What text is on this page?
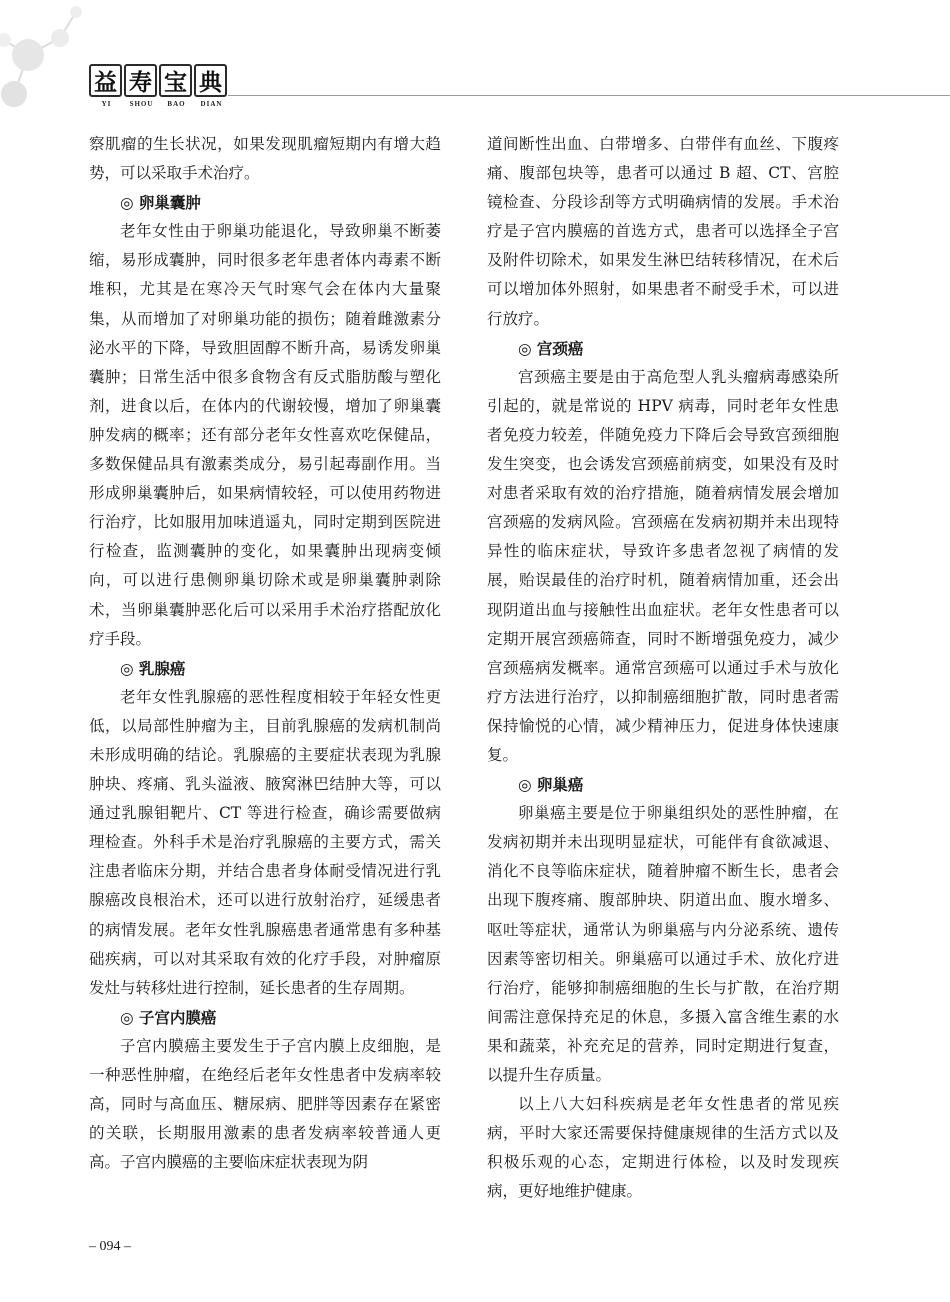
益 寿 宝 典
YI	SHOU	BAO	DIAN

察肌瘤的生长状况，如果发现肌瘤短期内有增大趋势，可以采取手术治疗。

◎ 卵巢囊肿

老年女性由于卵巢功能退化，导致卵巢不断萎缩，易形成囊肿，同时很多老年患者体内毒素不断堆积，尤其是在寒冷天气时寒气会在体内大量聚集，从而增加了对卵巢功能的损伤；随着雌激素分泌水平的下降，导致胆固醇不断升高，易诱发卵巢囊肿；日常生活中很多食物含有反式脂肪酸与塑化剂，进食以后，在体内的代谢较慢，增加了卵巢囊肿发病的概率；还有部分老年女性喜欢吃保健品，多数保健品具有激素类成分，易引起毒副作用。当形成卵巢囊肿后，如果病情较轻，可以使用药物进行治疗，比如服用加味逍遥丸，同时定期到医院进行检查，监测囊肿的变化，如果囊肿出现病变倾向，可以进行患侧卵巢切除术或是卵巢囊肿剥除术，当卵巢囊肿恶化后可以采用手术治疗搭配放化疗手段。

◎ 乳腺癌

老年女性乳腺癌的恶性程度相较于年轻女性更低，以局部性肿瘤为主，目前乳腺癌的发病机制尚未形成明确的结论。乳腺癌的主要症状表现为乳腺肿块、疼痛、乳头溢液、腋窝淋巴结肿大等，可以通过乳腺钼靶片、CT 等进行检查，确诊需要做病理检查。外科手术是治疗乳腺癌的主要方式，需关注患者临床分期，并结合患者身体耐受情况进行乳腺癌改良根治术，还可以进行放射治疗，延缓患者的病情发展。老年女性乳腺癌患者通常患有多种基础疾病，可以对其采取有效的化疗手段，对肿瘤原发灶与转移灶进行控制，延长患者的生存周期。

◎ 子宫内膜癌

子宫内膜癌主要发生于子宫内膜上皮细胞，是一种恶性肿瘤，在绝经后老年女性患者中发病率较高，同时与高血压、糖尿病、肥胖等因素存在紧密的关联，长期服用激素的患者发病率较普通人更高。子宫内膜癌的主要临床症状表现为阴

道间断性出血、白带增多、白带伴有血丝、下腹疼痛、腹部包块等，患者可以通过 B 超、CT、宫腔镜检查、分段诊刮等方式明确病情的发展。手术治疗是子宫内膜癌的首选方式，患者可以选择全子宫及附件切除术，如果发生淋巴结转移情况，在术后可以增加体外照射，如果患者不耐受手术，可以进行放疗。

◎ 宫颈癌

宫颈癌主要是由于高危型人乳头瘤病毒感染所引起的，就是常说的 HPV 病毒，同时老年女性患者免疫力较差，伴随免疫力下降后会导致宫颈细胞发生突变，也会诱发宫颈癌前病变，如果没有及时对患者采取有效的治疗措施，随着病情发展会增加宫颈癌的发病风险。宫颈癌在发病初期并未出现特异性的临床症状，导致许多患者忽视了病情的发展，贻误最佳的治疗时机，随着病情加重，还会出现阴道出血与接触性出血症状。老年女性患者可以定期开展宫颈癌筛查，同时不断增强免疫力，减少宫颈癌病发概率。通常宫颈癌可以通过手术与放化疗方法进行治疗，以抑制癌细胞扩散，同时患者需保持愉悦的心情，减少精神压力，促进身体快速康复。

◎ 卵巢癌

卵巢癌主要是位于卵巢组织处的恶性肿瘤，在发病初期并未出现明显症状，可能伴有食欲减退、消化不良等临床症状，随着肿瘤不断生长，患者会出现下腹疼痛、腹部肿块、阴道出血、腹水增多、呕吐等症状，通常认为卵巢癌与内分泌系统、遗传因素等密切相关。卵巢癌可以通过手术、放化疗进行治疗，能够抑制癌细胞的生长与扩散，在治疗期间需注意保持充足的休息，多摄入富含维生素的水果和蔬菜，补充充足的营养，同时定期进行复查，以提升生存质量。

以上八大妇科疾病是老年女性患者的常见疾病，平时大家还需要保持健康规律的生活方式以及积极乐观的心态，定期进行体检，以及时发现疾病，更好地维护健康。

– 094 –
